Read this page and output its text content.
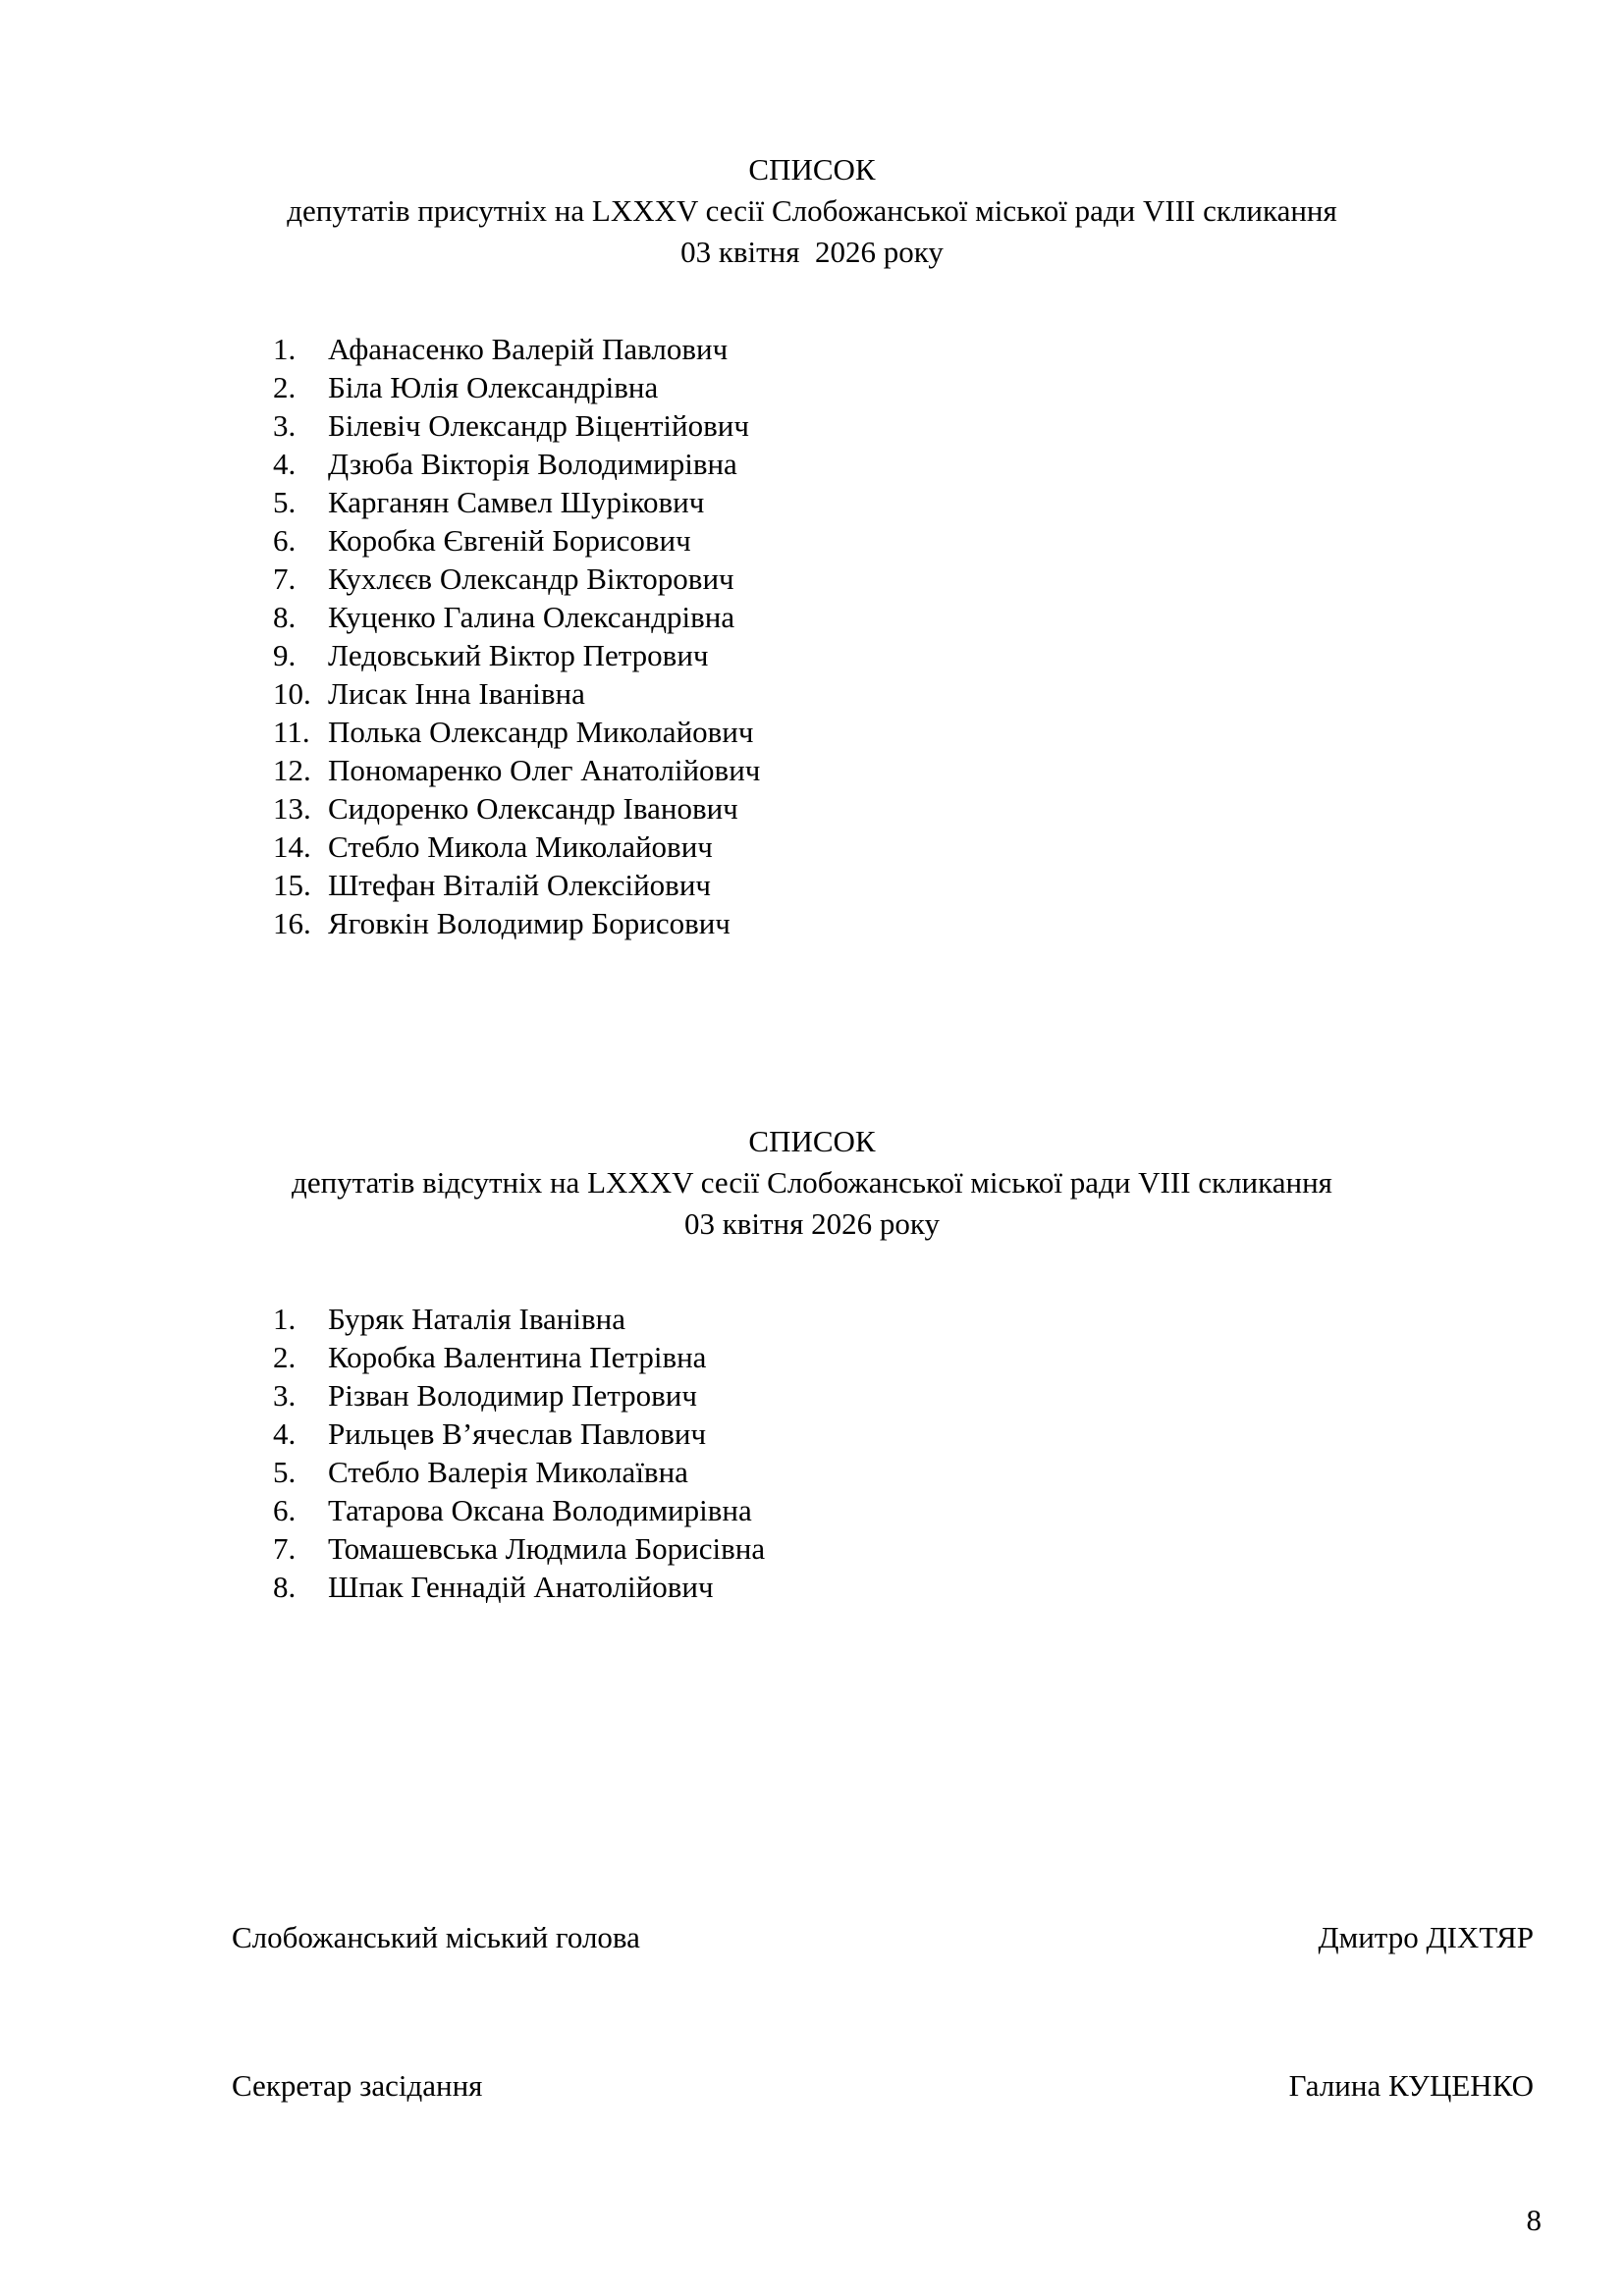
СПИСОК
депутатів присутніх на LXXXV сесії Слобожанської міської ради VIII скликання
03 квітня  2026 року
1.	Афанасенко Валерій Павлович
2.	Біла Юлія Олександрівна
3.	Білевіч Олександр Віцентійович
4.	Дзюба Вікторія Володимирівна
5.	Карганян Самвел Шурікович
6.	Коробка Євгеній Борисович
7.	Кухлєєв Олександр Вікторович
8.	Куценко Галина Олександрівна
9.	Ледовський Віктор Петрович
10. Лисак Інна Іванівна
11. Полька Олександр Миколайович
12. Пономаренко Олег Анатолійович
13. Сидоренко Олександр Іванович
14. Стебло Микола Миколайович
15. Штефан Віталій Олексійович
16. Яговкін Володимир Борисович
СПИСОК
депутатів відсутніх на LXXXV сесії Слобожанської міської ради VIII скликання
03 квітня 2026 року
1.	Буряк Наталія Іванівна
2.	Коробка Валентина Петрівна
3.	Різван Володимир Петрович
4.	Рильцев В’ячеслав Павлович
5.	Стебло Валерія Миколаївна
6.	Татарова Оксана Володимирівна
7.	Томашевська Людмила Борисівна
8.	Шпак Геннадій Анатолійович
Слобожанський міський голова	Дмитро ДІХТЯР
Секретар засідання	Галина КУЦЕНКО
8
